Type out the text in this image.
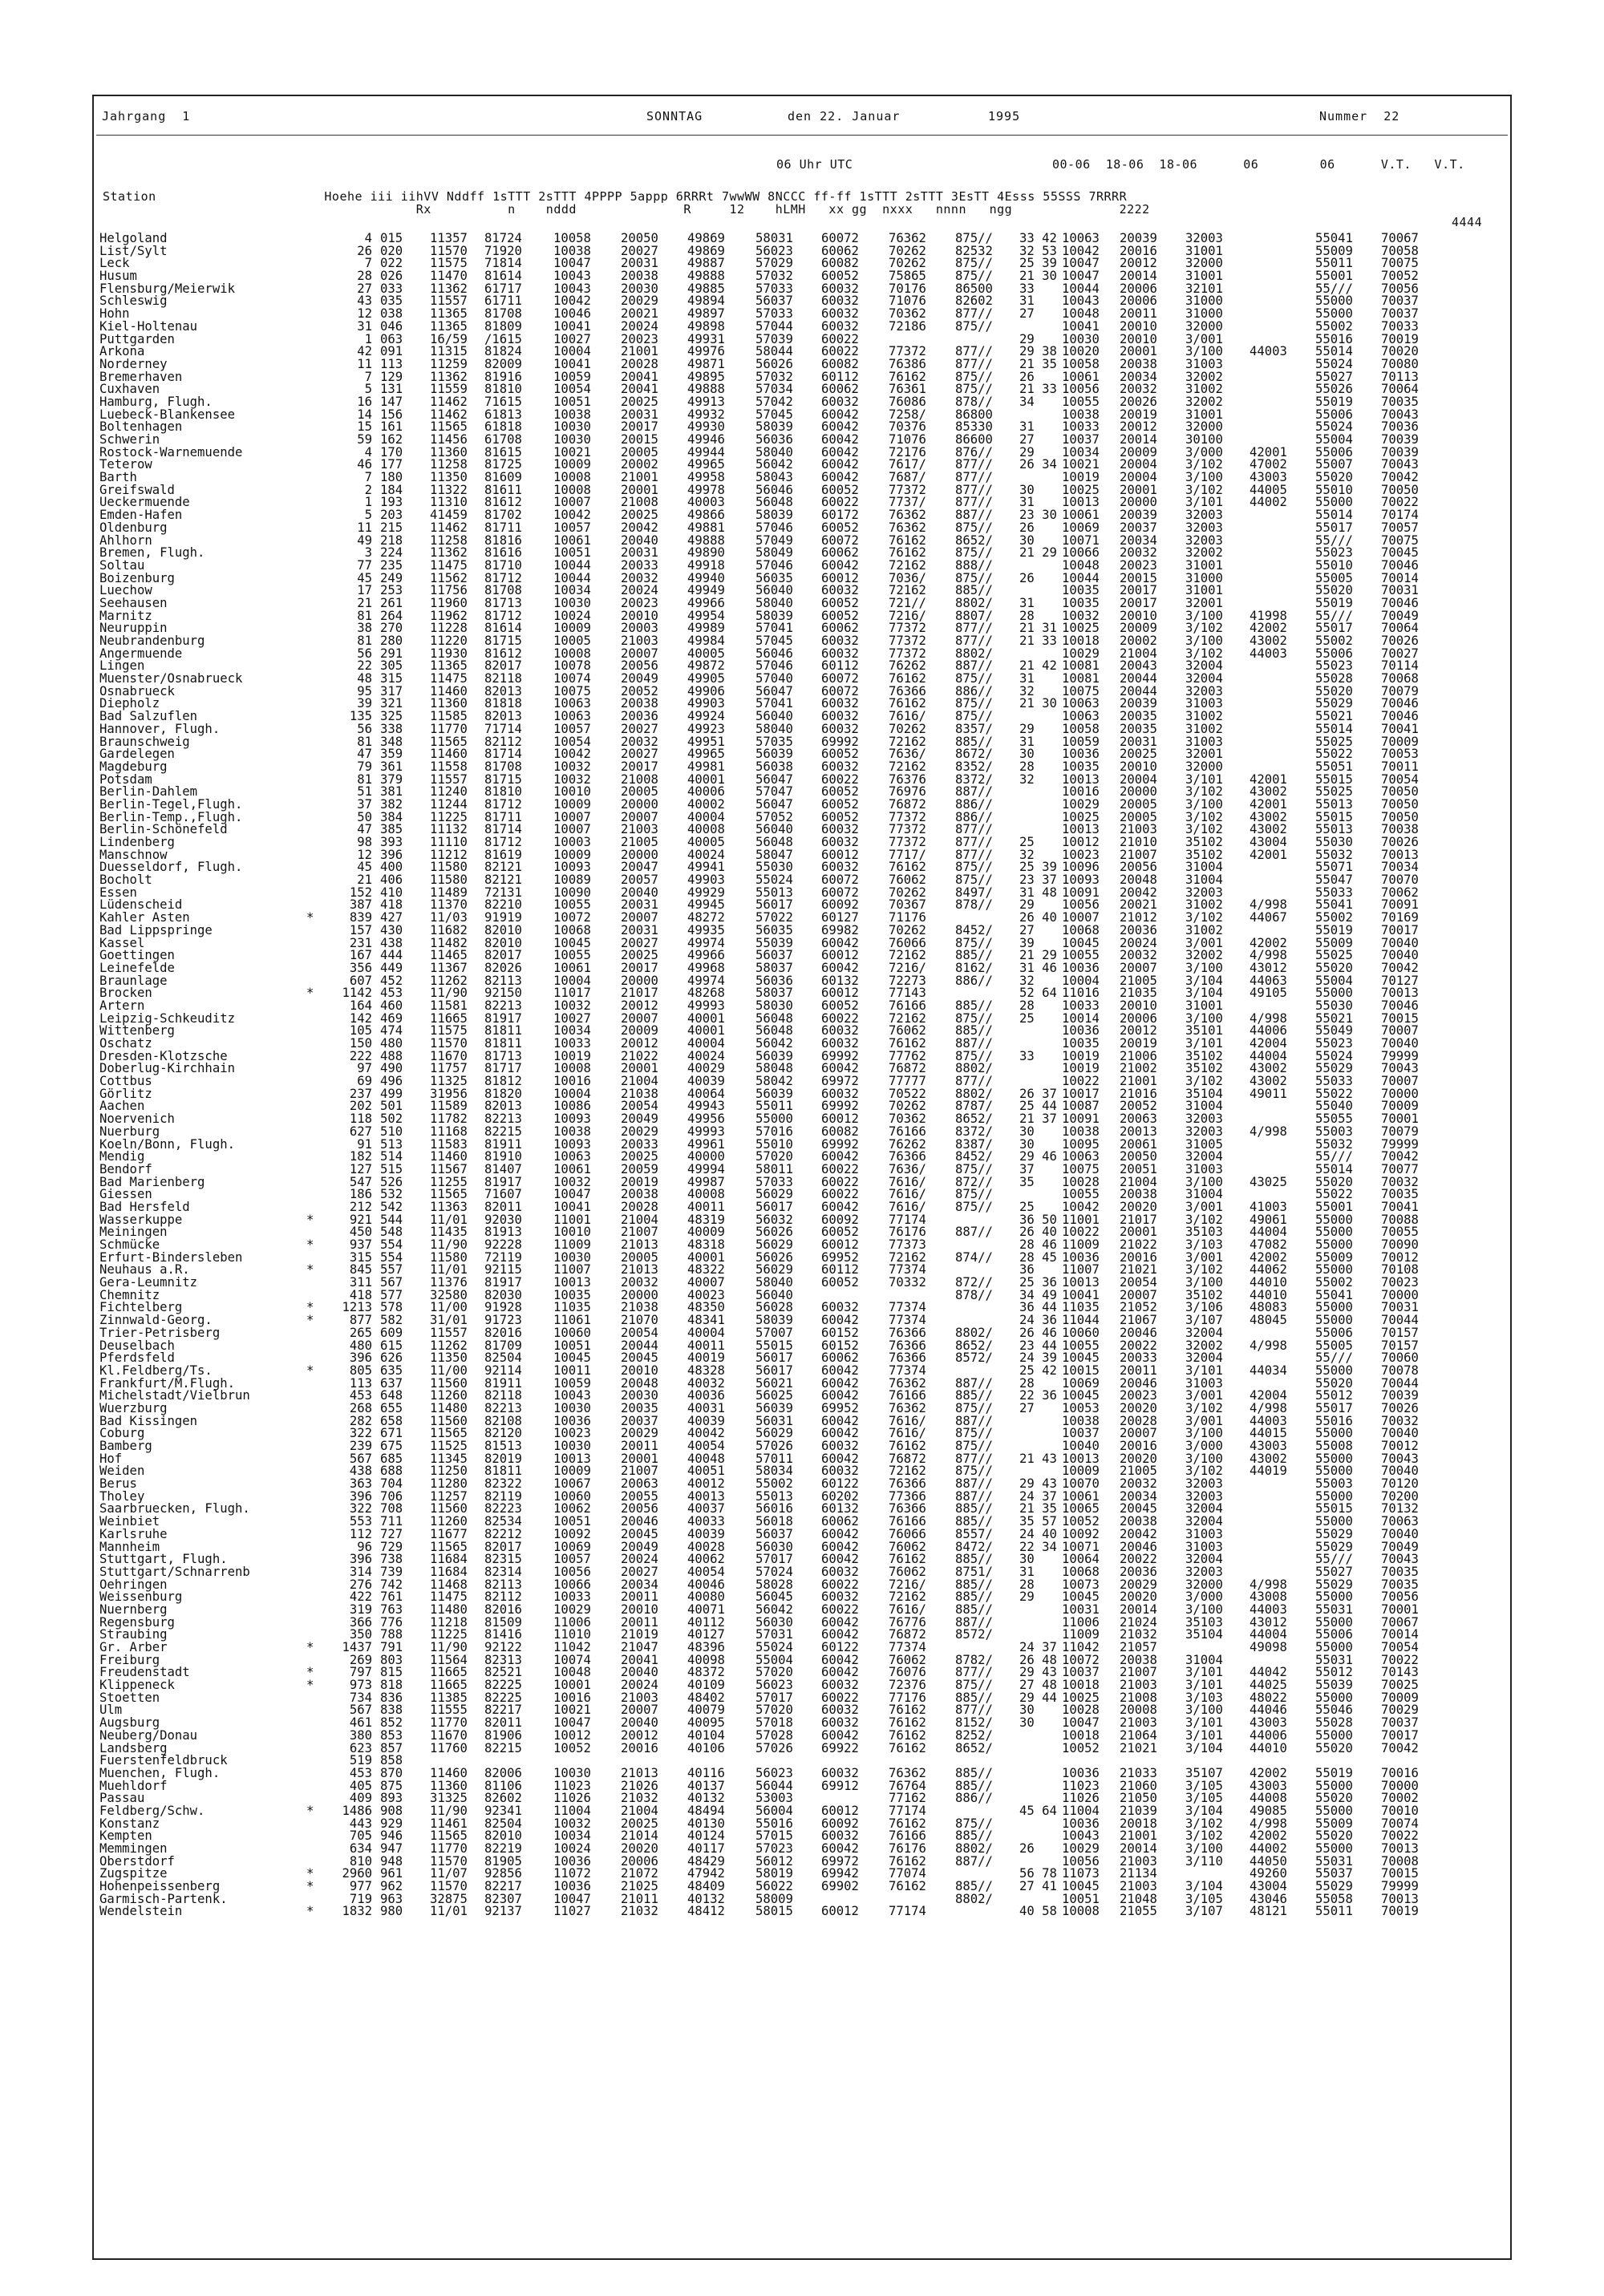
Jahrgang  1	SONNTAG	den 22. Januar	1995	Nummer  22
06 Uhr UTC	00-06  18-06  18-06      06        06      V.T.   V.T.
Station                      Hoehe iii iihVV Nddff 1sTTT 2sTTT 4PPPP 5appp 6RRRt 7wwWW 8NCCC ff-ff 1sTTT 2sTTT 3EsTT 4Esss 55SSS 7RRRR
Rx          n    nddd              R     12    hLMH   xx gg  nxxx   nnnn   ngg              2222
4444
Helgoland	4 015 11357 81724	10058 20050 49869 58031 60072 76362 875// 33 42 10063 20039 32003	55041 70067
List/Sylt	26 020 11570 71920	10038 20027 49869 56023 60062 70262 82532 32 53 10042 20016 31001	55009 70058
Leck	7 022 11575 71814	10047 20031 49887 57029 60082 70262 875// 25 39 10047 20012 32000	55011 70075
Husum	28 026 11470 81614	10043 20038 49888 57032 60052 75865 875// 21 30 10047 20014 31001	55001 70052
Flensburg/Meierwik	27 033 11362 61717	10043 20030 49885 57033 60032 70176 86500 33 10044 20006 32101	55/// 70056
Schleswig	43 035 11557 61711	10042 20029 49894 56037 60032 71076 82602 31 10043 20006 31000	55000 70037
Hohn	12 038 11365 81708	10046 20021 49897 57033 60032 70362 877// 27 10048 20011 31000	55000 70037
Kiel-Holtenau	31 046 11365 81809	10041 20024 49898 57044 60032 72186 875//	10041 20010 32000	55002 70033
Puttgarden	1 063 16/59 /1615	10027 20023 49931 57039 60022	29 10030 20010 3/001	55016 70019
Arkona	42 091 11315 81824	10004 21001 49976 58044 60022 77372 877// 29 38 10020 20001 3/100 44003 55014 70020
Norderney	11 113 11259 82009	10041 20028 49871 56026 60082 76386 877// 21 35 10058 20038 31003	55024 70080
Bremerhaven	7 129 11362 81916	10059 20041 49895 57032 60112 76162 875// 26 10061 20034 32002	55027 70113
Cuxhaven	5 131 11559 81810	10054 20041 49888 57034 60062 76361 875// 21 33 10056 20032 31002	55026 70064
Hamburg, Flugh.	16 147 11462 71615	10051 20025 49913 57042 60032 76086 878// 34 10055 20026 32002	55019 70035
Luebeck-Blankensee	14 156 11462 61813	10038 20031 49932 57045 60042 7258/ 86800	10038 20019 31001	55006 70043
Boltenhagen	15 161 11565 61818	10030 20017 49930 58039 60042 70376 85330 31 10033 20012 32000	55024 70036
Schwerin	59 162 11456 61708	10030 20015 49946 56036 60042 71076 86600 27 10037 20014 30100	55004 70039
Rostock-Warnemuende	4 170 11360 81615	10021 20005 49944 58040 60042 72176 876// 29 10034 20009 3/000 42001 55006 70039
Teterow	46 177 11258 81725	10009 20002 49965 56042 60042 7617/ 877// 26 34 10021 20004 3/102 47002 55007 70043
Barth	7 180 11350 81609	10008 21001 49958 58043 60042 7687/ 877//	10019 20004 3/100 43003 55020 70042
Greifswald	2 184 11322 81611	10008 20001 49978 56046 60052 77372 877// 30 10025 20001 3/102 44005 55010 70050
Ueckermuende	1 193 11310 81612	10007 21008 40003 56048 60022 7737/ 877// 31 10013 20000 3/101 44002 55000 70022
Emden-Hafen	5 203 41459 81702	10042 20025 49866 58039 60172 76362 887// 23 30 10061 20039 32003	55014 70174
Oldenburg	11 215 11462 81711	10057 20042 49881 57046 60052 76362 875// 26 10069 20037 32003	55017 70057
Ahlhorn	49 218 11258 81816	10061 20040 49888 57049 60072 76162 8652/ 30 10071 20034 32003	55/// 70075
Bremen, Flugh.	3 224 11362 81616	10051 20031 49890 58049 60062 76162 875// 21 29 10066 20032 32002	55023 70045
Soltau	77 235 11475 81710	10044 20033 49918 57046 60042 72162 888//	10048 20023 31001	55010 70046
Boizenburg	45 249 11562 81712	10044 20032 49940 56035 60012 7036/ 875// 26 10044 20015 31000	55005 70014
Luechow	17 253 11756 81708	10034 20024 49949 56040 60032 72162 885//	10035 20017 31001	55020 70031
Seehausen	21 261 11960 81713	10030 20023 49966 58040 60052 721// 8802/ 31 10035 20017 32001	55019 70046
Marnitz	81 264 11962 81712	10024 20010 49954 58039 60052 7216/ 8807/ 28 10032 20010 3/100 41998 55/// 70049
Neuruppin	38 270 11228 81614	10009 20003 49989 57041 60062 77372 877// 21 31 10025 20009 3/102 42002 55017 70064
Neubrandenburg	81 280 11220 81715	10005 21003 49984 57045 60032 77372 877// 21 33 10018 20002 3/100 43002 55002 70026
Angermuende	56 291 11930 81612	10008 20007 40005 56046 60032 77372 8802/	10029 21004 3/102 44003 55006 70027
Lingen	22 305 11365 82017	10078 20056 49872 57046 60112 76262 887// 21 42 10081 20043 32004	55023 70114
Muenster/Osnabrueck	48 315 11475 82118	10074 20049 49905 57040 60072 76162 875// 31 10081 20044 32004	55028 70068
Osnabrueck	95 317 11460 82013	10075 20052 49906 56047 60072 76366 886// 32 10075 20044 32003	55020 70079
Diepholz	39 321 11360 81818	10063 20038 49903 57041 60032 76162 875// 21 30 10063 20039 31003	55029 70046
Bad Salzuflen	135 325 11585 82013	10063 20036 49924 56040 60032 7616/ 875//	10063 20035 31002	55021 70046
Hannover, Flugh.	56 338 11770 71714	10057 20027 49923 58040 60032 70262 8357/ 29 10058 20035 31002	55014 70041
Braunschweig	81 348 11565 82112	10054 20032 49951 57035 69992 72162 885// 31 10059 20031 31003	55025 70009
Gardelegen	47 359 11460 81714	10042 20027 49965 56039 60052 7636/ 8672/ 30 10036 20025 32001	55022 70053
Magdeburg	79 361 11558 81708	10032 20017 49981 56038 60032 72162 8352/ 28 10035 20010 32000	55051 70011
Potsdam	81 379 11557 81715	10032 21008 40001 56047 60022 76376 8372/ 32 10013 20004 3/101 42001 55015 70054
Berlin-Dahlem	51 381 11240 81810	10010 20005 40006 57047 60052 76976 887//	10016 20000 3/102 43002 55025 70050
Berlin-Tegel,Flugh.	37 382 11244 81712	10009 20000 40002 56047 60052 76872 886//	10029 20005 3/100 42001 55013 70050
Berlin-Temp.,Flugh.	50 384 11225 81711	10007 20007 40004 57052 60052 77372 886//	10025 20005 3/102 43002 55015 70050
Berlin-Schönefeld	47 385 11132 81714	10007 21003 40008 56040 60032 77372 877//	10013 21003 3/102 43002 55013 70038
Lindenberg	98 393 11110 81712	10003 21005 40005 56048 60032 77372 877// 25 10012 21010 35102 43004 55030 70026
Manschnow	12 396 11212 81619	10009 20000 40024 58047 60012 7717/ 877// 32 10023 21007 35102 42001 55032 70013
Duesseldorf, Flugh.	45 400 11580 82121	10093 20047 49941 55030 60032 76162 875// 25 39 10096 20056 31004	55071 70034
Bocholt	21 406 11580 82121	10089 20057 49903 55024 60072 76062 875// 23 37 10093 20048 31004	55047 70070
Essen	152 410 11489 72131	10090 20040 49929 55013 60072 70262 8497/ 31 48 10091 20042 32003	55033 70062
Lüdenscheid	387 418 11370 82210	10055 20031 49945 56017 60092 70367 878// 29 10056 20021 31002 4/998 55041 70091
Kahler Asten	*	839 427 11/03 91919	10072 20007 48272 57022 60127 71176	26 40 10007 21012 3/102 44067 55002 70169
Bad Lippspringe	157 430 11682 82010	10068 20031 49935 56035 69982 70262 8452/ 27 10068 20036 31002	55019 70017
Kassel	231 438 11482 82010	10045 20027 49974 55039 60042 76066 875// 39 10045 20024 3/001 42002 55009 70040
Goettingen	167 444 11465 82017	10055 20025 49966 56037 60012 72162 885// 21 29 10055 20032 32002 4/998 55025 70040
Leinefelde	356 449 11367 82026	10061 20017 49968 58037 60042 7216/ 8162/ 31 46 10036 20007 3/100 43012 55020 70042
Braunlage	607 452 11262 82113	10004 20000 49974 56036 60132 72273 886// 32 10004 21005 3/104 44063 55004 70127
Brocken	*	1142 453 11/90 92150	11017 21017 48268 58037 60012 77143	52 64 11016 21035 3/104 49105 55000 70013
Artern	164 460 11581 82213	10032 20012 49993 58030 60052 76166 885// 28 10033 20010 31001	55030 70046
Leipzig-Schkeuditz	142 469 11665 81917	10027 20007 40001 56048 60022 72162 875// 25 10014 20006 3/100 4/998 55021 70015
Wittenberg	105 474 11575 81811	10034 20009 40001 56048 60032 76062 885//	10036 20012 35101 44006 55049 70007
Oschatz	150 480 11570 81811	10033 20012 40004 56042 60032 76162 887//	10035 20019 3/101 42004 55023 70040
Dresden-Klotzsche	222 488 11670 81713	10019 21022 40024 56039 69992 77762 875// 33 10019 21006 35102 44004 55024 79999
Doberlug-Kirchhain	97 490 11757 81717	10008 20001 40029 58048 60042 76872 8802/	10019 21002 35102 43002 55029 70043
Cottbus	69 496 11325 81812	10016 21004 40039 58042 69972 77777 877//	10022 21001 3/102 43002 55033 70007
Görlitz	237 499 31956 81820	10004 21038 40064 56039 60032 70522 8802/ 26 37 10017 21016 35104 49011 55022 70000
Aachen	202 501 11589 82013	10086 20054 49943 55011 69992 70262 8787/ 25 44 10087 20052 31004	55040 70009
Noervenich	118 502 11782 82213	10093 20049 49956 55000 60012 70362 8652/ 21 37 10091 20063 32003	55055 70001
Nuerburg	627 510 11168 82215	10038 20029 49993 57016 60082 76166 8372/ 30 10038 20013 32003 4/998 55003 70079
Koeln/Bonn, Flugh.	91 513 11583 81911	10093 20033 49961 55010 69992 76262 8387/ 30 10095 20061 31005	55032 79999
Mendig	182 514 11460 81910	10063 20025 40000 57020 60042 76366 8452/ 29 46 10063 20050 32004	55/// 70042
Bendorf	127 515 11567 81407	10061 20059 49994 58011 60022 7636/ 875// 37 10075 20051 31003	55014 70077
Bad Marienberg	547 526 11255 81917	10032 20019 49987 57033 60022 7616/ 872// 35 10028 21004 3/100 43025 55020 70032
Giessen	186 532 11565 71607	10047 20038 40008 56029 60022 7616/ 875//	10055 20038 31004	55022 70035
Bad Hersfeld	212 542 11363 82011	10041 20028 40011 56017 60042 7616/ 875// 25 10042 20020 3/001 41003 55001 70041
Wasserkuppe	*	921 544 11/01 92030	11001 21004 48319 56032 60092 77174	36 50 11001 21017 3/102 49061 55000 70088
Meiningen	450 548 11435 81913	10010 21007 40009 56026 60052 76176 887// 26 40 10022 20001 35103 44004 55000 70055
Schmücke	*	937 554 11/90 92228	11009 21013 48318 56029 60012 77373	28 46 11009 21022 3/103 47082 55000 70090
Erfurt-Bindersleben	315 554 11580 72119	10030 20005 40001 56026 69952 72162 874// 28 45 10036 20016 3/001 42002 55009 70012
Neuhaus a.R.	*	845 557 11/01 92115	11007 21013 48322 56029 60112 77374	36 11007 21021 3/102 44062 55000 70108
Gera-Leumnitz	311 567 11376 81917	10013 20032 40007 58040 60052 70332 872// 25 36 10013 20054 3/100 44010 55002 70023
Chemnitz	418 577 32580 82030	10035 20000 40023 56040	878// 34 49 10041 20007 35102 44010 55041 70000
Fichtelberg	*	1213 578 11/00 91928	11035 21038 48350 56028 60032 77374	36 44 11035 21052 3/106 48083 55000 70031
Zinnwald-Georg.	*	877 582 31/01 91723	11061 21070 48341 58039 60042 77374	24 36 11044 21067 3/107 48045 55000 70044
Trier-Petrisberg	265 609 11557 82016	10060 20054 40004 57007 60152 76366 8802/ 26 46 10060 20046 32004	55006 70157
Deuselbach	480 615 11262 81709	10051 20044 40011 55015 60152 76366 8652/ 23 44 10055 20022 32002 4/998 55005 70157
Pferdsfeld	396 626 11350 82504	10045 20045 40019 56017 60062 76366 8572/ 24 39 10045 20033 32004	55/// 70060
Kl.Feldberg/Ts.	*	805 635 11/00 92114	10011 20010 48328 56017 60042 77374	25 42 10015 20011 3/101 44034 55000 70078
Frankfurt/M.Flugh.	113 637 11560 81911	10059 20048 40032 56021 60042 76362 887// 28 10069 20046 31003	55020 70044
Michelstadt/Vielbrun	453 648 11260 82118	10043 20030 40036 56025 60042 76166 885// 22 36 10045 20023 3/001 42004 55012 70039
Wuerzburg	268 655 11480 82213	10030 20035 40031 56039 69952 76362 875// 27 10053 20020 3/102 4/998 55017 70026
Bad Kissingen	282 658 11560 82108	10036 20037 40039 56031 60042 7616/ 887//	10038 20028 3/001 44003 55016 70032
Coburg	322 671 11565 82120	10023 20029 40042 56029 60042 7616/ 875//	10037 20007 3/100 44015 55000 70040
Bamberg	239 675 11525 81513	10030 20011 40054 57026 60032 76162 875//	10040 20016 3/000 43003 55008 70012
Hof	567 685 11345 82019	10013 20001 40048 57011 60042 76872 877// 21 43 10013 20020 3/100 43002 55000 70043
Weiden	438 688 11250 81811	10009 21007 40051 58034 60032 72162 875//	10009 21005 3/102 44019 55000 70040
Berus	363 704 11280 82322	10067 20063 40012 55002 60122 76366 887// 29 43 10070 20032 32003	55003 70120
Tholey	396 706 11257 82119	10060 20055 40013 55013 60202 77366 887// 24 37 10061 20034 32003	55000 70200
Saarbruecken, Flugh.	322 708 11560 82223	10062 20056 40037 56016 60132 76366 885// 21 35 10065 20045 32004	55015 70132
Weinbiet	553 711 11260 82534	10051 20046 40033 56018 60062 76166 885// 35 57 10052 20038 32004	55000 70063
Karlsruhe	112 727 11677 82212	10092 20045 40039 56037 60042 76066 8557/ 24 40 10092 20042 31003	55029 70040
Mannheim	96 729 11565 82017	10069 20049 40028 56030 60042 76062 8472/ 22 34 10071 20046 31003	55029 70049
Stuttgart, Flugh.	396 738 11684 82315	10057 20024 40062 57017 60042 76162 885// 30 10064 20022 32004	55/// 70043
Stuttgart/Schnarrenb	314 739 11684 82314	10056 20027 40054 57024 60032 76062 8751/ 31 10068 20036 32003	55027 70035
Oehringen	276 742 11468 82113	10066 20034 40046 58028 60022 7216/ 885// 28 10073 20029 32000 4/998 55029 70035
Weissenburg	422 761 11475 82112	10033 20011 40080 56045 60032 72162 885// 29 10045 20020 3/000 43008 55000 70056
Nuernberg	319 763 11480 82016	10029 20010 40071 56042 60022 7616/ 885//	10031 20014 3/100 44003 55031 70001
Regensburg	366 776 11218 81509	11006 20011 40112 56030 60042 76776 887//	11006 21024 35103 43012 55000 70067
Straubing	350 788 11225 81416	11010 21019 40127 57031 60042 76872 8572/	11009 21032 35104 44004 55006 70014
Gr. Arber	*	1437 791 11/90 92122	11042 21047 48396 55024 60122 77374	24 37 11042 21057	49098 55000 70054
Freiburg	269 803 11564 82313	10074 20041 40098 55004 60042 76062 8782/ 26 48 10072 20038 31004	55031 70022
Freudenstadt	*	797 815 11665 82521	10048 20040 48372 57020 60042 76076 877// 29 43 10037 21007 3/101 44042 55012 70143
Klippeneck	*	973 818 11665 82225	10001 20024 40109 56023 60032 72376 875// 27 48 10018 21003 3/101 44025 55039 70025
Stoetten	734 836 11385 82225	10016 21003 48402 57017 60022 77176 885// 29 44 10025 21008 3/103 48022 55000 70009
Ulm	567 838 11555 82217	10021 20007 40079 57020 60032 76162 877// 30 10028 20008 3/100 44046 55046 70029
Augsburg	461 852 11770 82011	10047 20040 40095 57018 60032 76162 8152/ 30 10047 21003 3/101 43003 55028 70037
Neuberg/Donau	380 853 11670 81906	10012 20012 40104 57028 60042 76162 8252/	10018 21064 3/101 44006 55000 70017
Landsberg	623 857 11760 82215	10052 20016 40106 57026 69922 76162 8652/	10052 21021 3/104 44010 55020 70042
Fuerstenfeldbruck	519 858
Muenchen, Flugh.	453 870 11460 82006	10030 21013 40116 56023 60032 76362 885//	10036 21033 35107 42002 55019 70016
Muehldorf	405 875 11360 81106	11023 21026 40137 56044 69912 76764 885//	11023 21060 3/105 43003 55000 70000
Passau	409 893 31325 82602	11026 21032 40132 53003	77162 886//	11026 21050 3/105 44008 55020 70002
Feldberg/Schw.	*	1486 908 11/90 92341	11004 21004 48494 56004 60012 77174	45 64 11004 21039 3/104 49085 55000 70010
Konstanz	443 929 11461 82504	10032 20025 40130 55016 60092 76162 875//	10036 20018 3/102 4/998 55009 70074
Kempten	705 946 11565 82010	10034 21014 40124 57015 60032 76166 885//	10043 21001 3/102 42002 55020 70022
Memmingen	634 947 11770 82219	10024 20020 40117 57023 60042 76176 8802/ 26 10029 20014 3/100 44002 55000 70013
Oberstdorf	810 948 11570 81905	10036 20006 48429 56012 69972 76162 887//	10056 21003 3/110 44050 55031 70008
Zugspitze	*	2960 961 11/07 92856	11072 21072 47942 58019 69942 77074	56 78 11073 21134	49260 55037 70015
Hohenpeissenberg	*	977 962 11570 82217	10036 21025 48409 56022 69902 76162 885// 27 41 10045 21003 3/104 43004 55029 79999
Garmisch-Partenk.	719 963 32875 82307	10047 21011 40132 58009	8802/	10051 21048 3/105 43046 55058 70013
Wendelstein	*	1832 980 11/01 92137	11027 21032 48412 58015 60012 77174	40 58 10008 21055 3/107 48121 55011 70019
